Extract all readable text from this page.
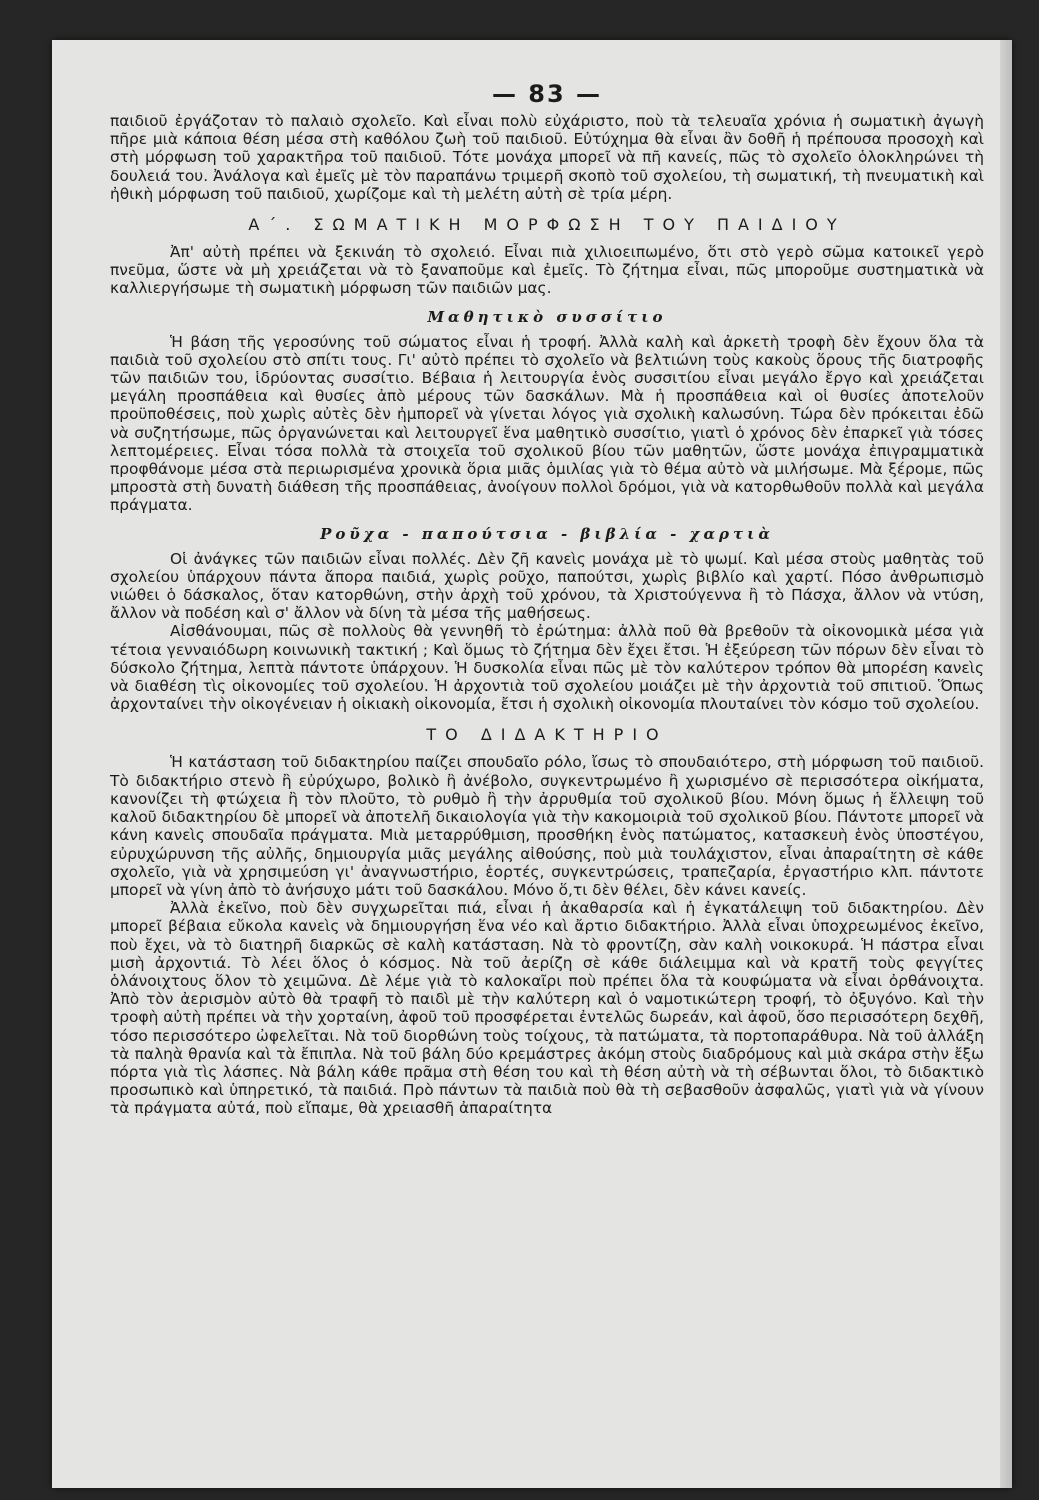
— 83 —

παιδιοῦ ἐργάζοταν τὸ παλαιὸ σχολεῖο. Καὶ εἶναι πολὺ εὐχάριστο, ποὺ τὰ τελευαῖα χρόνια ἡ σωματικὴ ἀγωγὴ πῆρε μιὰ κάποια θέση μέσα στὴ καθόλου ζωὴ τοῦ παιδιοῦ. Εὐτύχημα θὰ εἶναι ἂν δοθῆ ἡ πρέπουσα προσοχὴ καὶ στὴ μόρφωση τοῦ χαρακτῆρα τοῦ παιδιοῦ. Τότε μονάχα μπορεῖ νὰ πῆ κανείς, πῶς τὸ σχολεῖο ὁλοκληρώνει τὴ δουλειά του. Ἀνάλογα καὶ ἐμεῖς μὲ τὸν παραπάνω τριμερῆ σκοπὸ τοῦ σχολείου, τὴ σωματική, τὴ πνευματικὴ καὶ ἠθικὴ μόρφωση τοῦ παιδιοῦ, χωρίζομε καὶ τὴ μελέτη αὐτὴ σὲ τρία μέρη.

Α΄. ΣΩΜΑΤΙΚΗ ΜΟΡΦΩΣΗ ΤΟΥ ΠΑΙΔΙΟΥ

Ἀπ' αὐτὴ πρέπει νὰ ξεκινάη τὸ σχολειό. Εἶναι πιὰ χιλιοειπωμένο, ὅτι στὸ γερὸ σῶμα κατοικεῖ γερὸ πνεῦμα, ὥστε νὰ μὴ χρειάζεται νὰ τὸ ξαναποῦμε καὶ ἐμεῖς. Τὸ ζήτημα εἶναι, πῶς μποροῦμε συστηματικὰ νὰ καλλιεργήσωμε τὴ σωματικὴ μόρφωση τῶν παιδιῶν μας.

Μαθητικὸ συσσίτιο

Ἡ βάση τῆς γεροσύνης τοῦ σώματος εἶναι ἡ τροφή. Ἀλλὰ καλὴ καὶ ἀρκετὴ τροφὴ δὲν ἔχουν ὅλα τὰ παιδιὰ τοῦ σχολείου στὸ σπίτι τους. Γι' αὐτὸ πρέπει τὸ σχολεῖο νὰ βελτιώνη τοὺς κακοὺς ὅρους τῆς διατροφῆς τῶν παιδιῶν του, ἱδρύοντας συσσίτιο. Βέβαια ἡ λειτουργία ἑνὸς συσσιτίου εἶναι μεγάλο ἔργο καὶ χρειάζεται μεγάλη προσπάθεια καὶ θυσίες ἀπὸ μέρους τῶν δασκάλων. Μὰ ἡ προσπάθεια καὶ οἱ θυσίες ἀποτελοῦν προϋποθέσεις, ποὺ χωρὶς αὐτὲς δὲν ἠμπορεῖ νὰ γίνεται λόγος γιὰ σχολικὴ καλωσύνη. Τώρα δὲν πρόκειται ἐδῶ νὰ συζητήσωμε, πῶς ὀργανώνεται καὶ λειτουργεῖ ἕνα μαθητικὸ συσσίτιο, γιατὶ ὁ χρόνος δὲν ἐπαρκεῖ γιὰ τόσες λεπτομέρειες. Εἶναι τόσα πολλὰ τὰ στοιχεῖα τοῦ σχολικοῦ βίου τῶν μαθητῶν, ὥστε μονάχα ἐπιγραμματικὰ προφθάνομε μέσα στὰ περιωρισμένα χρονικὰ ὅρια μιᾶς ὁμιλίας γιὰ τὸ θέμα αὐτὸ νὰ μιλήσωμε. Μὰ ξέρομε, πῶς μπροστὰ στὴ δυνατὴ διάθεση τῆς προσπάθειας, ἀνοίγουν πολλοὶ δρόμοι, γιὰ νὰ κατορθωθοῦν πολλὰ καὶ μεγάλα πράγματα.

Ροῦχα - παπούτσια - βιβλία - χαρτιὰ

Οἱ ἀνάγκες τῶν παιδιῶν εἶναι πολλές. Δὲν ζῆ κανεὶς μονάχα μὲ τὸ ψωμί. Καὶ μέσα στοὺς μαθητὰς τοῦ σχολείου ὑπάρχουν πάντα ἄπορα παιδιά, χωρὶς ροῦχο, παπούτσι, χωρὶς βιβλίο καὶ χαρτί. Πόσο ἀνθρωπισμὸ νιώθει ὁ δάσκαλος, ὅταν κατορθώνη, στὴν ἀρχὴ τοῦ χρόνου, τὰ Χριστούγεννα ἢ τὸ Πάσχα, ἄλλον νὰ ντύση, ἄλλον νὰ ποδέση καὶ σ' ἄλλον νὰ δίνη τὰ μέσα τῆς μαθήσεως.

Αἰσθάνουμαι, πῶς σὲ πολλοὺς θὰ γεννηθῆ τὸ ἐρώτημα: ἀλλὰ ποῦ θὰ βρεθοῦν τὰ οἰκονομικὰ μέσα γιὰ τέτοια γενναιόδωρη κοινωνικὴ τακτική ; Καὶ ὅμως τὸ ζήτημα δὲν ἔχει ἔτσι. Ἡ ἐξεύρεση τῶν πόρων δὲν εἶναι τὸ δύσκολο ζήτημα, λεπτὰ πάντοτε ὑπάρχουν. Ἡ δυσκολία εἶναι πῶς μὲ τὸν καλύτερον τρόπον θὰ μπορέση κανεὶς νὰ διαθέση τὶς οἰκονομίες τοῦ σχολείου. Ἡ ἀρχοντιὰ τοῦ σχολείου μοιάζει μὲ τὴν ἀρχοντιὰ τοῦ σπιτιοῦ. Ὅπως ἀρχονταίνει τὴν οἰκογένειαν ἡ οἰκιακὴ οἰκονομία, ἔτσι ἡ σχολικὴ οἰκονομία πλουταίνει τὸν κόσμο τοῦ σχολείου.

ΤΟ ΔΙΔΑΚΤΗΡΙΟ

Ἡ κατάσταση τοῦ διδακτηρίου παίζει σπουδαῖο ρόλο, ἴσως τὸ σπουδαιότερο, στὴ μόρφωση τοῦ παιδιοῦ. Τὸ διδακτήριο στενὸ ἢ εὐρύχωρο, βολικὸ ἢ ἀνέβολο, συγκεντρωμένο ἢ χωρισμένο σὲ περισσότερα οἰκήματα, κανονίζει τὴ φτώχεια ἢ τὸν πλοῦτο, τὸ ρυθμὸ ἢ τὴν ἀρρυθμία τοῦ σχολικοῦ βίου. Μόνη ὅμως ἡ ἔλλειψη τοῦ καλοῦ διδακτηρίου δὲ μπορεῖ νὰ ἀποτελῆ δικαιολογία γιὰ τὴν κακομοιριὰ τοῦ σχολικοῦ βίου. Πάντοτε μπορεῖ νὰ κάνη κανεὶς σπουδαῖα πράγματα. Μιὰ μεταρρύθμιση, προσθήκη ἑνὸς πατώματος, κατασκευὴ ἑνὸς ὑποστέγου, εὐρυχώρυνση τῆς αὐλῆς, δημιουργία μιᾶς μεγάλης αἰθούσης, ποὺ μιὰ τουλάχιστον, εἶναι ἀπαραίτητη σὲ κάθε σχολεῖο, γιὰ νὰ χρησιμεύση γι' ἀναγνωστήριο, ἑορτές, συγκεντρώσεις, τραπεζαρία, ἐργαστήριο κλπ. πάντοτε μπορεῖ νὰ γίνη ἀπὸ τὸ ἀνήσυχο μάτι τοῦ δασκάλου. Μόνο ὅ,τι δὲν θέλει, δὲν κάνει κανείς.

Ἀλλὰ ἐκεῖνο, ποὺ δὲν συγχωρεῖται πιά, εἶναι ἡ ἀκαθαρσία καὶ ἡ ἐγκατάλειψη τοῦ διδακτηρίου. Δὲν μπορεῖ βέβαια εὔκολα κανεὶς νὰ δημιουργήση ἕνα νέο καὶ ἄρτιο διδακτήριο. Ἀλλὰ εἶναι ὑποχρεωμένος ἐκεῖνο, ποὺ ἔχει, νὰ τὸ διατηρῆ διαρκῶς σὲ καλὴ κατάσταση. Νὰ τὸ φροντίζη, σὰν καλὴ νοικοκυρά. Ἡ πάστρα εἶναι μισὴ ἀρχοντιά. Τὸ λέει ὅλος ὁ κόσμος. Νὰ τοῦ ἀερίζη σὲ κάθε διάλειμμα καὶ νὰ κρατῆ τοὺς φεγγίτες ὁλάνοιχτους ὅλον τὸ χειμῶνα. Δὲ λέμε γιὰ τὸ καλοκαῖρι ποὺ πρέπει ὅλα τὰ κουφώματα νὰ εἶναι ὀρθάνοιχτα. Ἀπὸ τὸν ἀερισμὸν αὐτὸ θὰ τραφῆ τὸ παιδὶ μὲ τὴν καλύτερη καὶ ὁ ναμοτικώτερη τροφή, τὸ ὀξυγόνο. Καὶ τὴν τροφὴ αὐτὴ πρέπει νὰ τὴν χορταίνη, ἀφοῦ τοῦ προσφέρεται ἐντελῶς δωρεάν, καὶ ἀφοῦ, ὅσο περισσότερη δεχθῆ, τόσο περισσότερο ὠφελεῖται. Νὰ τοῦ διορθώνη τοὺς τοίχους, τὰ πατώματα, τὰ πορτοπαράθυρα. Νὰ τοῦ ἀλλάξη τὰ παληὰ θρανία καὶ τὰ ἔπιπλα. Νὰ τοῦ βάλη δύο κρεμάστρες ἀκόμη στοὺς διαδρόμους καὶ μιὰ σκάρα στὴν ἔξω πόρτα γιὰ τὶς λάσπες. Νὰ βάλη κάθε πρᾶμα στὴ θέση του καὶ τὴ θέση αὐτὴ νὰ τὴ σέβωνται ὅλοι, τὸ διδακτικὸ προσωπικὸ καὶ ὑπηρετικό, τὰ παιδιά. Πρὸ πάντων τὰ παιδιὰ ποὺ θὰ τὴ σεβασθοῦν ἀσφαλῶς, γιατὶ γιὰ νὰ γίνουν τὰ πράγματα αὐτά, ποὺ εἴπαμε, θὰ χρειασθῆ ἀπαραίτητα
